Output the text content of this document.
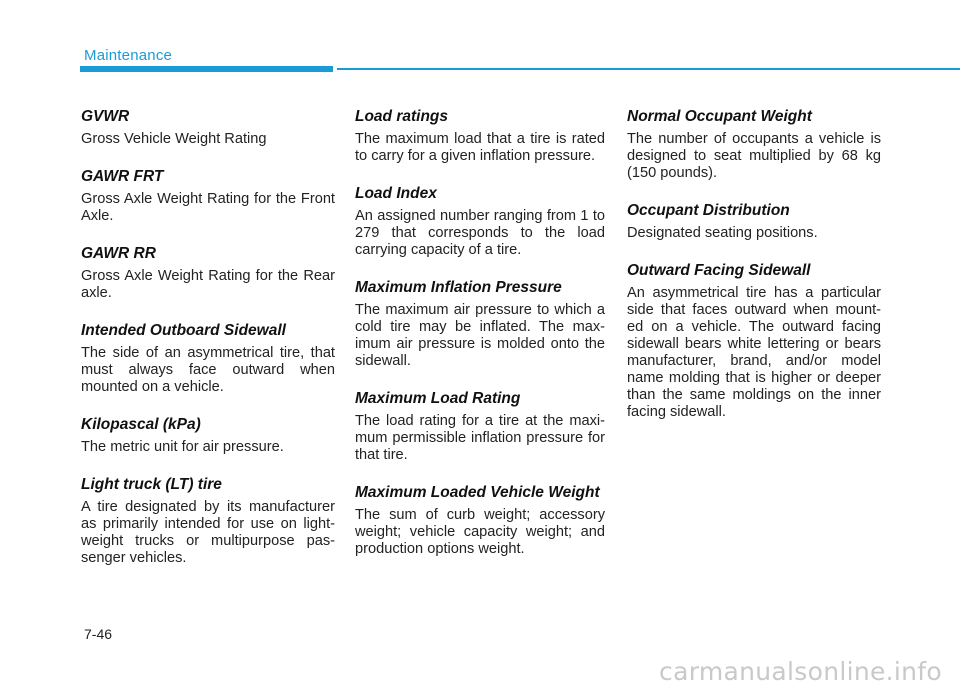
Maintenance

GVWR

Gross Vehicle Weight Rating

GAWR FRT

Gross Axle Weight Rating for the Front Axle.

GAWR RR

Gross Axle Weight Rating for the Rear axle.

Intended Outboard Sidewall

The side of an asymmetrical tire, that must always face outward when mounted on a vehicle.

Kilopascal (kPa)

The metric unit for air pressure.

Light truck (LT) tire

A tire designated by its manufacturer as primarily intended for use on light-weight trucks or multipurpose pas-senger vehicles.

Load ratings

The maximum load that a tire is rated to carry for a given inflation pressure.

Load Index

An assigned number ranging from 1 to 279 that corresponds to the load carrying capacity of a tire.

Maximum Inflation Pressure

The maximum air pressure to which a cold tire may be inflated. The max-imum air pressure is molded onto the sidewall.

Maximum Load Rating

The load rating for a tire at the maxi-mum permissible inflation pressure for that tire.

Maximum Loaded Vehicle Weight

The sum of curb weight; accessory weight; vehicle capacity weight; and production options weight.

Normal Occupant Weight

The number of occupants a vehicle is designed to seat multiplied by 68 kg (150 pounds).

Occupant Distribution

Designated seating positions.

Outward Facing Sidewall

An asymmetrical tire has a particular side that faces outward when mount-ed on a vehicle. The outward facing sidewall bears white lettering or bears manufacturer, brand, and/or model name molding that is higher or deeper than the same moldings on the inner facing sidewall.

7-46
carmanualsonline.info
